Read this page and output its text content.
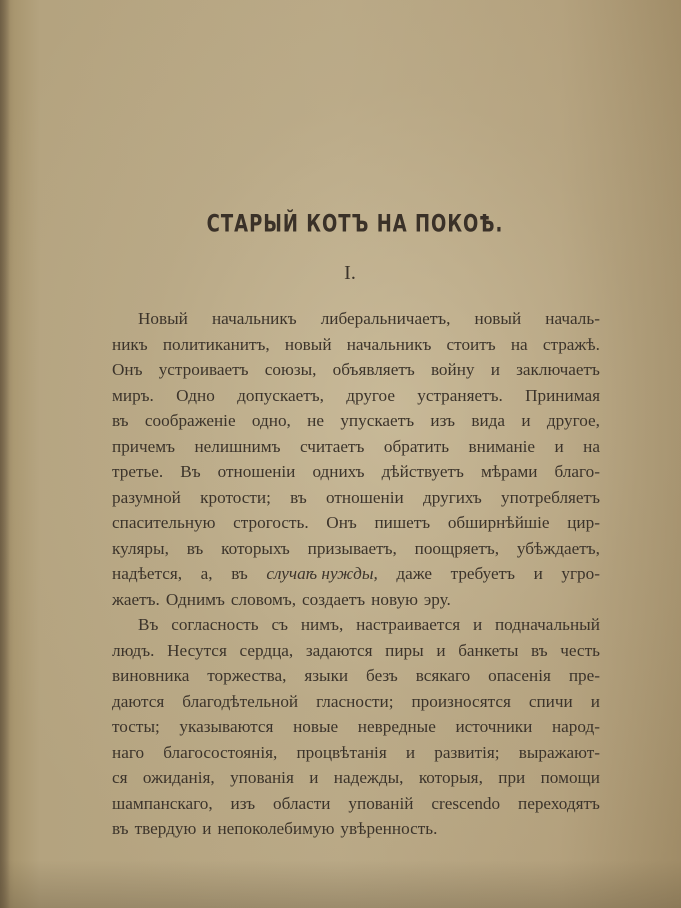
СТАРЫЙ КОТЪ НА ПОКОѢ.
I.
Новый начальникъ либеральничаетъ, новый началь-
никъ политиканитъ, новый начальникъ стоитъ на стражѣ.
Онъ устроиваетъ союзы, объявляетъ войну и заключаетъ
миръ. Одно допускаетъ, другое устраняетъ. Принимая
въ соображеніе одно, не упускаетъ изъ вида и другое,
причемъ нелишнимъ считаетъ обратить вниманіе и на
третье. Въ отношеніи однихъ дѣйствуетъ мѣрами благо-
разумной кротости; въ отношеніи другихъ употребляетъ
спасительную строгость. Онъ пишетъ обширнѣйшіе цир-
куляры, въ которыхъ призываетъ, поощряетъ, убѣждаетъ,
надѣется, а, въ случаѣ нужды, даже требуетъ и угро-
жаетъ. Однимъ словомъ, создаетъ новую эру.
Въ согласность съ нимъ, настраивается и подначальный
людъ. Несутся сердца, задаются пиры и банкеты въ честь
виновника торжества, языки безъ всякаго опасенія пре-
даются благодѣтельной гласности; произносятся спичи и
тосты; указываются новые невредные источники народ-
наго благосостоянія, процвѣтанія и развитія; выражают-
ся ожиданія, упованія и надежды, которыя, при помощи
шампанскаго, изъ области упованій crescendo переходятъ
въ твердую и непоколебимую увѣренность.
